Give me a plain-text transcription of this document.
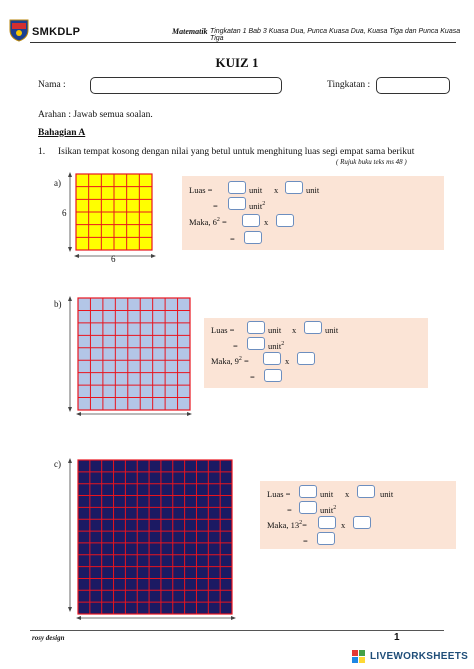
SMKDLP	Matematik Tingkatan 1 Bab 3 Kuasa Dua, Punca Kuasa Dua, Kuasa Tiga dan Punca Kuasa Tiga
KUIZ 1
Nama :	Tingkatan :
Arahan : Jawab semua soalan.
Bahagian A
1. Isikan tempat kosong dengan nilai yang betul untuk menghitung luas segi empat sama berikut
( Rujuk buku teks ms 48 )
a)
6
6
Luas =	unit x	unit
=	unit$^2$
Maka, $6^2$ =	x
=
b)
Luas =	unit x	unit
=	unit$^2$
Maka, $9^2$ =	x
=
c)
Luas =	unit x	unit
=	unit$^2$
Maka, $13^2=$	x
=
rosy design	1
LIVEWORKSHEETS
